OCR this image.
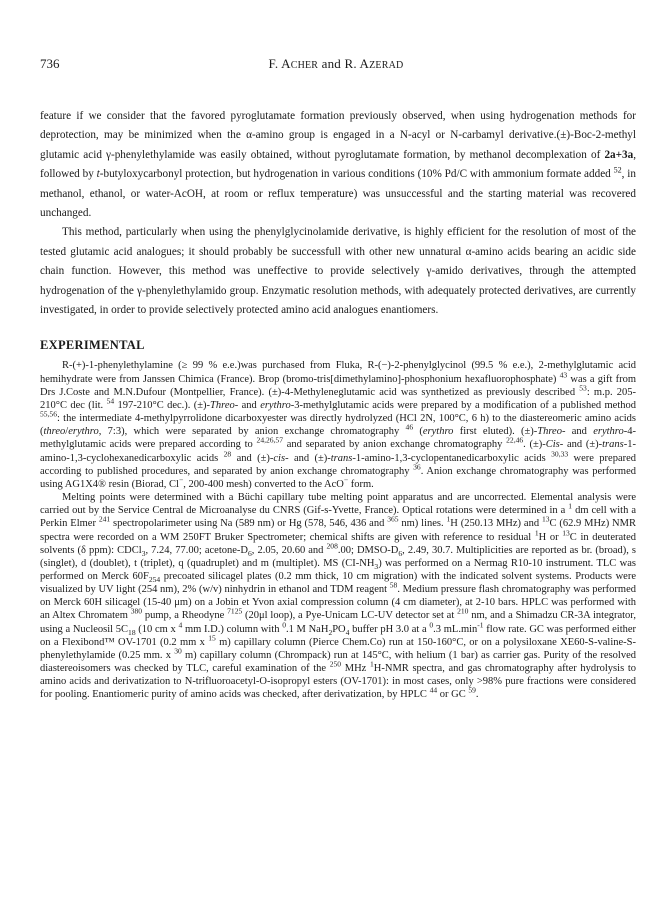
736	F. ACHER and R. AZERAD

feature if we consider that the favored pyroglutamate formation previously observed, when using hydrogenation methods for deprotection, may be minimized when the α-amino group is engaged in a N-acyl or N-carbamyl derivative.(±)-Boc-2-methyl glutamic acid γ-phenylethylamide was easily obtained, without pyroglutamate formation, by methanol decomplexation of 2a+3a, followed by t-butyloxycarbonyl protection, but hydrogenation in various conditions (10% Pd/C with ammonium formate added $^{52}$, in methanol, ethanol, or water-AcOH, at room or reflux temperature) was unsuccessful and the starting material was recovered unchanged.

This method, particularly when using the phenylglycinolamide derivative, is highly efficient for the resolution of most of the tested glutamic acid analogues; it should probably be successfull with other new unnatural α-amino acids bearing an acidic side chain function. However, this method was uneffective to provide selectively γ-amido derivatives, through the attempted hydrogenation of the γ-phenylethylamido group. Enzymatic resolution methods, with adequately protected derivatives, are currently investigated, in order to provide selectively protected amino acid analogues enantiomers.

EXPERIMENTAL

R-(+)-1-phenylethylamine (≥ 99 % e.e.)was purchased from Fluka, R-(−)-2-phenylglycinol (99.5 % e.e.), 2-methylglutamic acid hemihydrate were from Janssen Chimica (France). Brop (bromo-tris[dimethylamino]-phosphonium hexafluorophosphate) $^{43}$ was a gift from Drs J.Coste and M.N.Dufour (Montpellier, France). (±)-4-Methyleneglutamic acid was synthetized as previously described $^{53}$: m.p. 205-210°C dec (lit. $^{54}$ 197-210°C dec.). (±)-Threo- and erythro-3-methylglutamic acids were prepared by a modification of a published method $^{55,56}$: the intermediate 4-methylpyrrolidone dicarboxyester was directly hydrolyzed (HCl 2N, 100°C, 6 h) to the diastereomeric amino acids (threo/erythro, 7:3), which were separated by anion exchange chromatography $^{46}$ (erythro first eluted). (±)-Threo- and erythro-4-methylglutamic acids were prepared according to $^{24,26,57}$ and separated by anion exchange chromatography $^{22,46}$. (±)-Cis- and (±)-trans-1-amino-1,3-cyclohexanedicarboxylic acids $^{28}$ and (±)-cis- and (±)-trans-1-amino-1,3-cyclopentanedicarboxylic acids $^{30,33}$ were prepared according to published procedures, and separated by anion exchange chromatography $^{36}$. Anion exchange chromatography was performed using AG1X4® resin (Biorad, Cl−, 200-400 mesh) converted to the AcO− form.

Melting points were determined with a Büchi capillary tube melting point apparatus and are uncorrected. Elemental analysis were carried out by the Service Central de Microanalyse du CNRS (Gif-s-Yvette, France). Optical rotations were determined in a $^1$ dm cell with a Perkin Elmer $^{241}$ spectropolarimeter using Na (589 nm) or Hg (578, 546, 436 and $^{365}$ nm) lines. $^1$H (250.13 MHz) and $^{13}$C (62.9 MHz) NMR spectra were recorded on a WM 250FT Bruker Spectrometer; chemical shifts are given with reference to residual $^1$H or $^{13}$C in deuterated solvents (δ ppm): CDCl$_3$, 7.24, 77.00; acetone-$D_6$, 2.05, 20.60 and $^{208}$.00; DMSO-$D_6$, 2.49, 30.7. Multiplicities are reported as br. (broad), s (singlet), d (doublet), t (triplet), q (quadruplet) and m (multiplet). MS $(CI-NH_3)$ was performed on a Nermag R10-10 instrument. TLC was performed on Merck $60F_{254}$ precoated silicagel plates (0.2 mm thick, 10 cm migration) with the indicated solvent systems. Products were visualized by UV light (254 nm), 2% (w/v) ninhydrin in ethanol and TDM reagent $^{58}$. Medium pressure flash chromatography was performed on Merck 60H silicagel (15-40 μm) on a Jobin et Yvon axial compression column (4 cm diameter), at 2-10 bars. HPLC was performed with an Altex Chromatem $^{380}$ pump, a Rheodyne $^{7125}$ (20μl loop), a Pye-Unicam LC-UV detector set at $^{210}$ nm, and a Shimadzu CR-3A integrator, using a Nucleosil $5C_{18}$ (10 cm x $^4$ mm I.D.) column with $^0$.1 M $NaH_2PO_4$ buffer pH 3.0 at a $^0$.3 $mL.\min^{-1}$ flow rate. GC was performed either on a Flexibond™ OV-1701 (0.2 mm x $^{15}$ m) capillary column (Pierce Chem.Co) run at 150-160°C, or on a polysiloxane XE60-S-valine-S-phenylethylamide (0.25 mm. x $^{30}$ m) capillary column (Chrompack) run at 145°C, with helium (1 bar) as carrier gas. Purity of the resolved diastereoisomers was checked by TLC, careful examination of the $^{250}$ MHz $^1$H-NMR spectra, and gas chromatography after hydrolysis to amino acids and derivatization to N-trifluoroacetyl-O-isopropyl esters (OV-1701): in most cases, only >98% pure fractions were considered for pooling. Enantiomeric purity of amino acids was checked, after derivatization, by HPLC $^{44}$ or GC $^{59}$.
